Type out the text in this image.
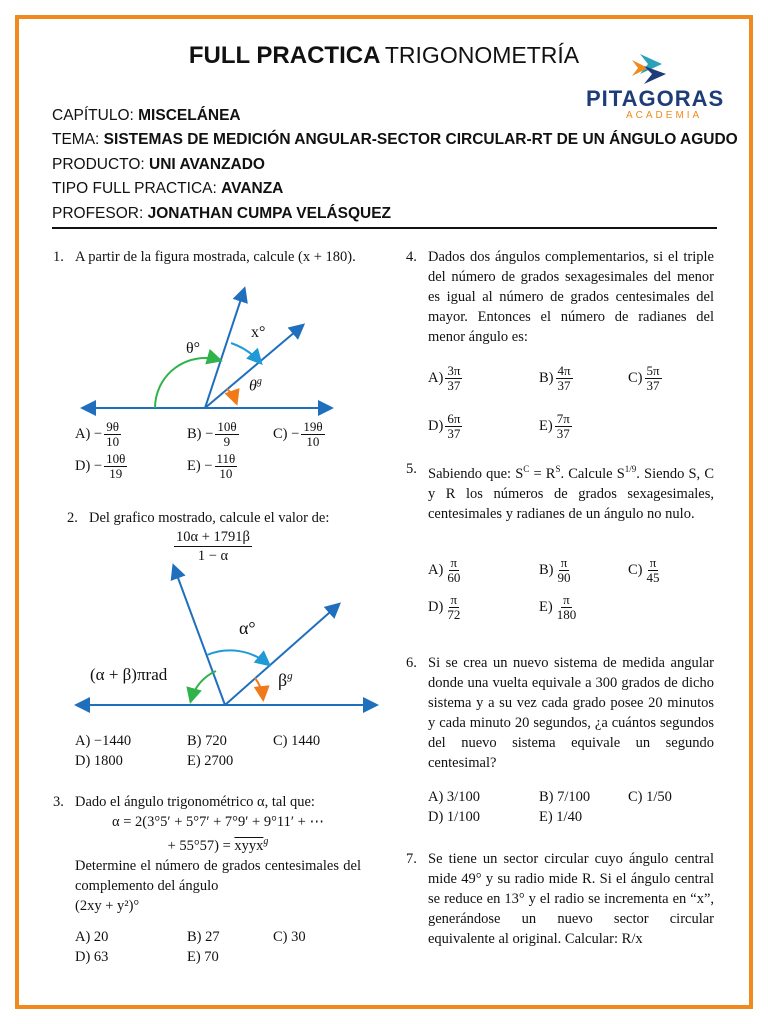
FULL PRACTICA TRIGONOMETRÍA
PITAGORAS
ACADEMIA
CAPÍTULO: MISCELÁNEA
TEMA: SISTEMAS DE MEDICIÓN ANGULAR-SECTOR CIRCULAR-RT DE UN ÁNGULO AGUDO
PRODUCTO: UNI AVANZADO
TIPO FULL PRACTICA: AVANZA
PROFESOR: JONATHAN CUMPA VELÁSQUEZ
1. A partir de la figura mostrada, calcule (x + 180).
θ°
x°
$\theta^g$
$A) - \frac{9\theta}{10}$	$B) - \frac{10\theta}{9} C) - \frac{19\theta}{10}$
$D) - \frac{10\theta}{19}$	$E) - \frac{11\theta}{10}$
2. Del grafico mostrado, calcule el valor de:
$\frac{10\alpha + 1791\beta}{1 - \alpha}$
α°
(α + β)πrad	$\beta^g$
A) −1440	B) 720	C) 1440
D) 1800	E) 2700
3. Dado el ángulo trigonométrico α, tal que:
α = 2(3°5′ + 5°7′ + 7°9′ + 9°11′ + ⋯
+ 55°57) = xyyx$^g$
Determine el número de grados centesimales del complemento del ángulo
(2xy + y²)°
A) 20	B) 27	C) 30
D) 63	E) 70
4. Dados dos ángulos complementarios, si el triple del número de grados sexagesimales del menor es igual al número de grados centesimales del mayor. Entonces el número de radianes del menor ángulo es:
$A) \frac{3\pi}{37}$	$B) \frac{4\pi}{37}$	$C) \frac{5\pi}{37}$
$D) \frac{6\pi}{37}$	$E) \frac{7\pi}{37}$
5. Sabiendo que: $S^C = R^S$. Calcule $S^{1/9}$. Siendo S, C y R los números de grados sexagesimales, centesimales y radianes de un ángulo no nulo.
$A) \frac{\pi}{60}$	$B) \frac{\pi}{90}$	$C) \frac{\pi}{45}$
$D) \frac{\pi}{72}$	$E) \frac{\pi}{180}$
6. Si se crea un nuevo sistema de medida angular donde una vuelta equivale a 300 grados de dicho sistema y a su vez cada grado posee 20 minutos y cada minuto 20 segundos, ¿a cuántos segundos del nuevo sistema equivale un segundo centesimal?
A) 3/100	B) 7/100	C) 1/50
D) 1/100	E) 1/40
7. Se tiene un sector circular cuyo ángulo central mide 49° y su radio mide R. Si el ángulo central se reduce en 13° y el radio se incrementa en “x”, generándose un nuevo sector circular equivalente al original. Calcular: R/x
